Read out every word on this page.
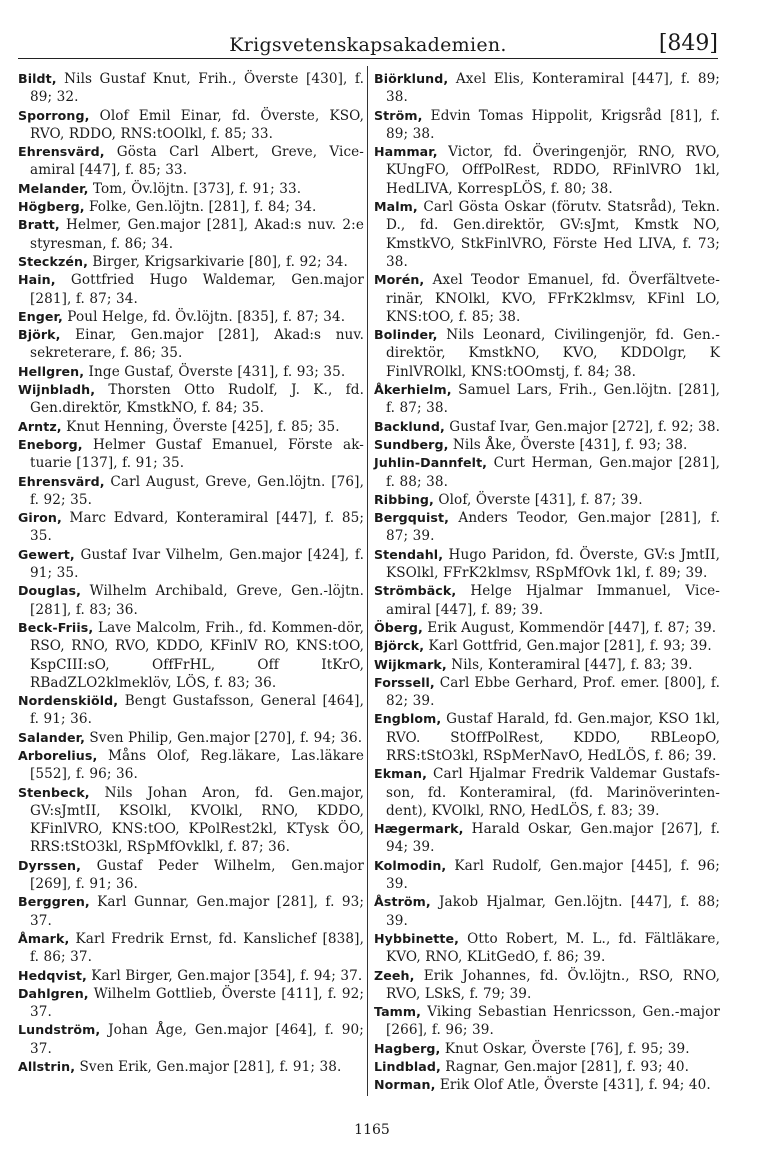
Krigsvetenskapsakademien.	[849]
Bildt, Nils Gustaf Knut, Frih., Överste [430], f. 89; 32.
Sporrong, Olof Emil Einar, fd. Överste, KSO, RVO, RDDO, RNS:tOOlkl, f. 85; 33.
Ehrensvärd, Gösta Carl Albert, Greve, Vice-amiral [447], f. 85; 33.
Melander, Tom, Öv.löjtn. [373], f. 91; 33.
Högberg, Folke, Gen.löjtn. [281], f. 84; 34.
Bratt, Helmer, Gen.major [281], Akad:s nuv. 2:e styresman, f. 86; 34.
Steckzén, Birger, Krigsarkivarie [80], f. 92; 34.
Hain, Gottfried Hugo Waldemar, Gen.major [281], f. 87; 34.
Enger, Poul Helge, fd. Öv.löjtn. [835], f. 87; 34.
Björk, Einar, Gen.major [281], Akad:s nuv. sekreterare, f. 86; 35.
Hellgren, Inge Gustaf, Överste [431], f. 93; 35.
Wijnbladh, Thorsten Otto Rudolf, J. K., fd. Gen.direktör, KmstkNO, f. 84; 35.
Arntz, Knut Henning, Överste [425], f. 85; 35.
Eneborg, Helmer Gustaf Emanuel, Förste ak-tuarie [137], f. 91; 35.
Ehrensvärd, Carl August, Greve, Gen.löjtn. [76], f. 92; 35.
Giron, Marc Edvard, Konteramiral [447], f. 85; 35.
Gewert, Gustaf Ivar Vilhelm, Gen.major [424], f. 91; 35.
Douglas, Wilhelm Archibald, Greve, Gen.-löjtn. [281], f. 83; 36.
Beck-Friis, Lave Malcolm, Frih., fd. Kommen-dör, RSO, RNO, RVO, KDDO, KFinlV RO, KNS:tOO, KspCIII:sO, OffFrHL, Off ItKrO, RBadZLO2klmeklöv, LÖS, f. 83; 36.
Nordenskiöld, Bengt Gustafsson, General [464], f. 91; 36.
Salander, Sven Philip, Gen.major [270], f. 94; 36.
Arborelius, Måns Olof, Reg.läkare, Las.läkare [552], f. 96; 36.
Stenbeck, Nils Johan Aron, fd. Gen.major, GV:sJmtII, KSOlkl, KVOlkl, RNO, KDDO, KFinlVRO, KNS:tOO, KPolRest2kl, KTysk ÖO, RRS:tStO3kl, RSpMfOvklkl, f. 87; 36.
Dyrssen, Gustaf Peder Wilhelm, Gen.major [269], f. 91; 36.
Berggren, Karl Gunnar, Gen.major [281], f. 93; 37.
Åmark, Karl Fredrik Ernst, fd. Kanslichef [838], f. 86; 37.
Hedqvist, Karl Birger, Gen.major [354], f. 94; 37.
Dahlgren, Wilhelm Gottlieb, Överste [411], f. 92; 37.
Lundström, Johan Åge, Gen.major [464], f. 90; 37.
Allstrin, Sven Erik, Gen.major [281], f. 91; 38.
Biörklund, Axel Elis, Konteramiral [447], f. 89; 38.
Ström, Edvin Tomas Hippolit, Krigsråd [81], f. 89; 38.
Hammar, Victor, fd. Överingenjör, RNO, RVO, KUngFO, OffPolRest, RDDO, RFinlVRO 1kl, HedLIVA, KorrespLÖS, f. 80; 38.
Malm, Carl Gösta Oskar (förutv. Statsråd), Tekn. D., fd. Gen.direktör, GV:sJmt, Kmstk NO, KmstkVO, StkFinlVRO, Förste Hed LIVA, f. 73; 38.
Morén, Axel Teodor Emanuel, fd. Överfältvete-rinär, KNOlkl, KVO, FFrK2klmsv, KFinl LO, KNS:tOO, f. 85; 38.
Bolinder, Nils Leonard, Civilingenjör, fd. Gen.-direktör, KmstkNO, KVO, KDDOlgr, K FinlVROlkl, KNS:tOOmstj, f. 84; 38.
Åkerhielm, Samuel Lars, Frih., Gen.löjtn. [281], f. 87; 38.
Backlund, Gustaf Ivar, Gen.major [272], f. 92; 38.
Sundberg, Nils Åke, Överste [431], f. 93; 38.
Juhlin-Dannfelt, Curt Herman, Gen.major [281], f. 88; 38.
Ribbing, Olof, Överste [431], f. 87; 39.
Bergquist, Anders Teodor, Gen.major [281], f. 87; 39.
Stendahl, Hugo Paridon, fd. Överste, GV:s JmtII, KSOlkl, FFrK2klmsv, RSpMfOvk 1kl, f. 89; 39.
Strömbäck, Helge Hjalmar Immanuel, Vice-amiral [447], f. 89; 39.
Öberg, Erik August, Kommendör [447], f. 87; 39.
Björck, Karl Gottfrid, Gen.major [281], f. 93; 39.
Wijkmark, Nils, Konteramiral [447], f. 83; 39.
Forssell, Carl Ebbe Gerhard, Prof. emer. [800], f. 82; 39.
Engblom, Gustaf Harald, fd. Gen.major, KSO 1kl, RVO. StOffPolRest, KDDO, RBLeopO, RRS:tStO3kl, RSpMerNavO, HedLÖS, f. 86; 39.
Ekman, Carl Hjalmar Fredrik Valdemar Gustafs-son, fd. Konteramiral, (fd. Marinöverinten-dent), KVOlkl, RNO, HedLÖS, f. 83; 39.
Hægermark, Harald Oskar, Gen.major [267], f. 94; 39.
Kolmodin, Karl Rudolf, Gen.major [445], f. 96; 39.
Åström, Jakob Hjalmar, Gen.löjtn. [447], f. 88; 39.
Hybbinette, Otto Robert, M. L., fd. Fältläkare, KVO, RNO, KLitGedO, f. 86; 39.
Zeeh, Erik Johannes, fd. Öv.löjtn., RSO, RNO, RVO, LSkS, f. 79; 39.
Tamm, Viking Sebastian Henricsson, Gen.-major [266], f. 96; 39.
Hagberg, Knut Oskar, Överste [76], f. 95; 39.
Lindblad, Ragnar, Gen.major [281], f. 93; 40.
Norman, Erik Olof Atle, Överste [431], f. 94; 40.
1165
